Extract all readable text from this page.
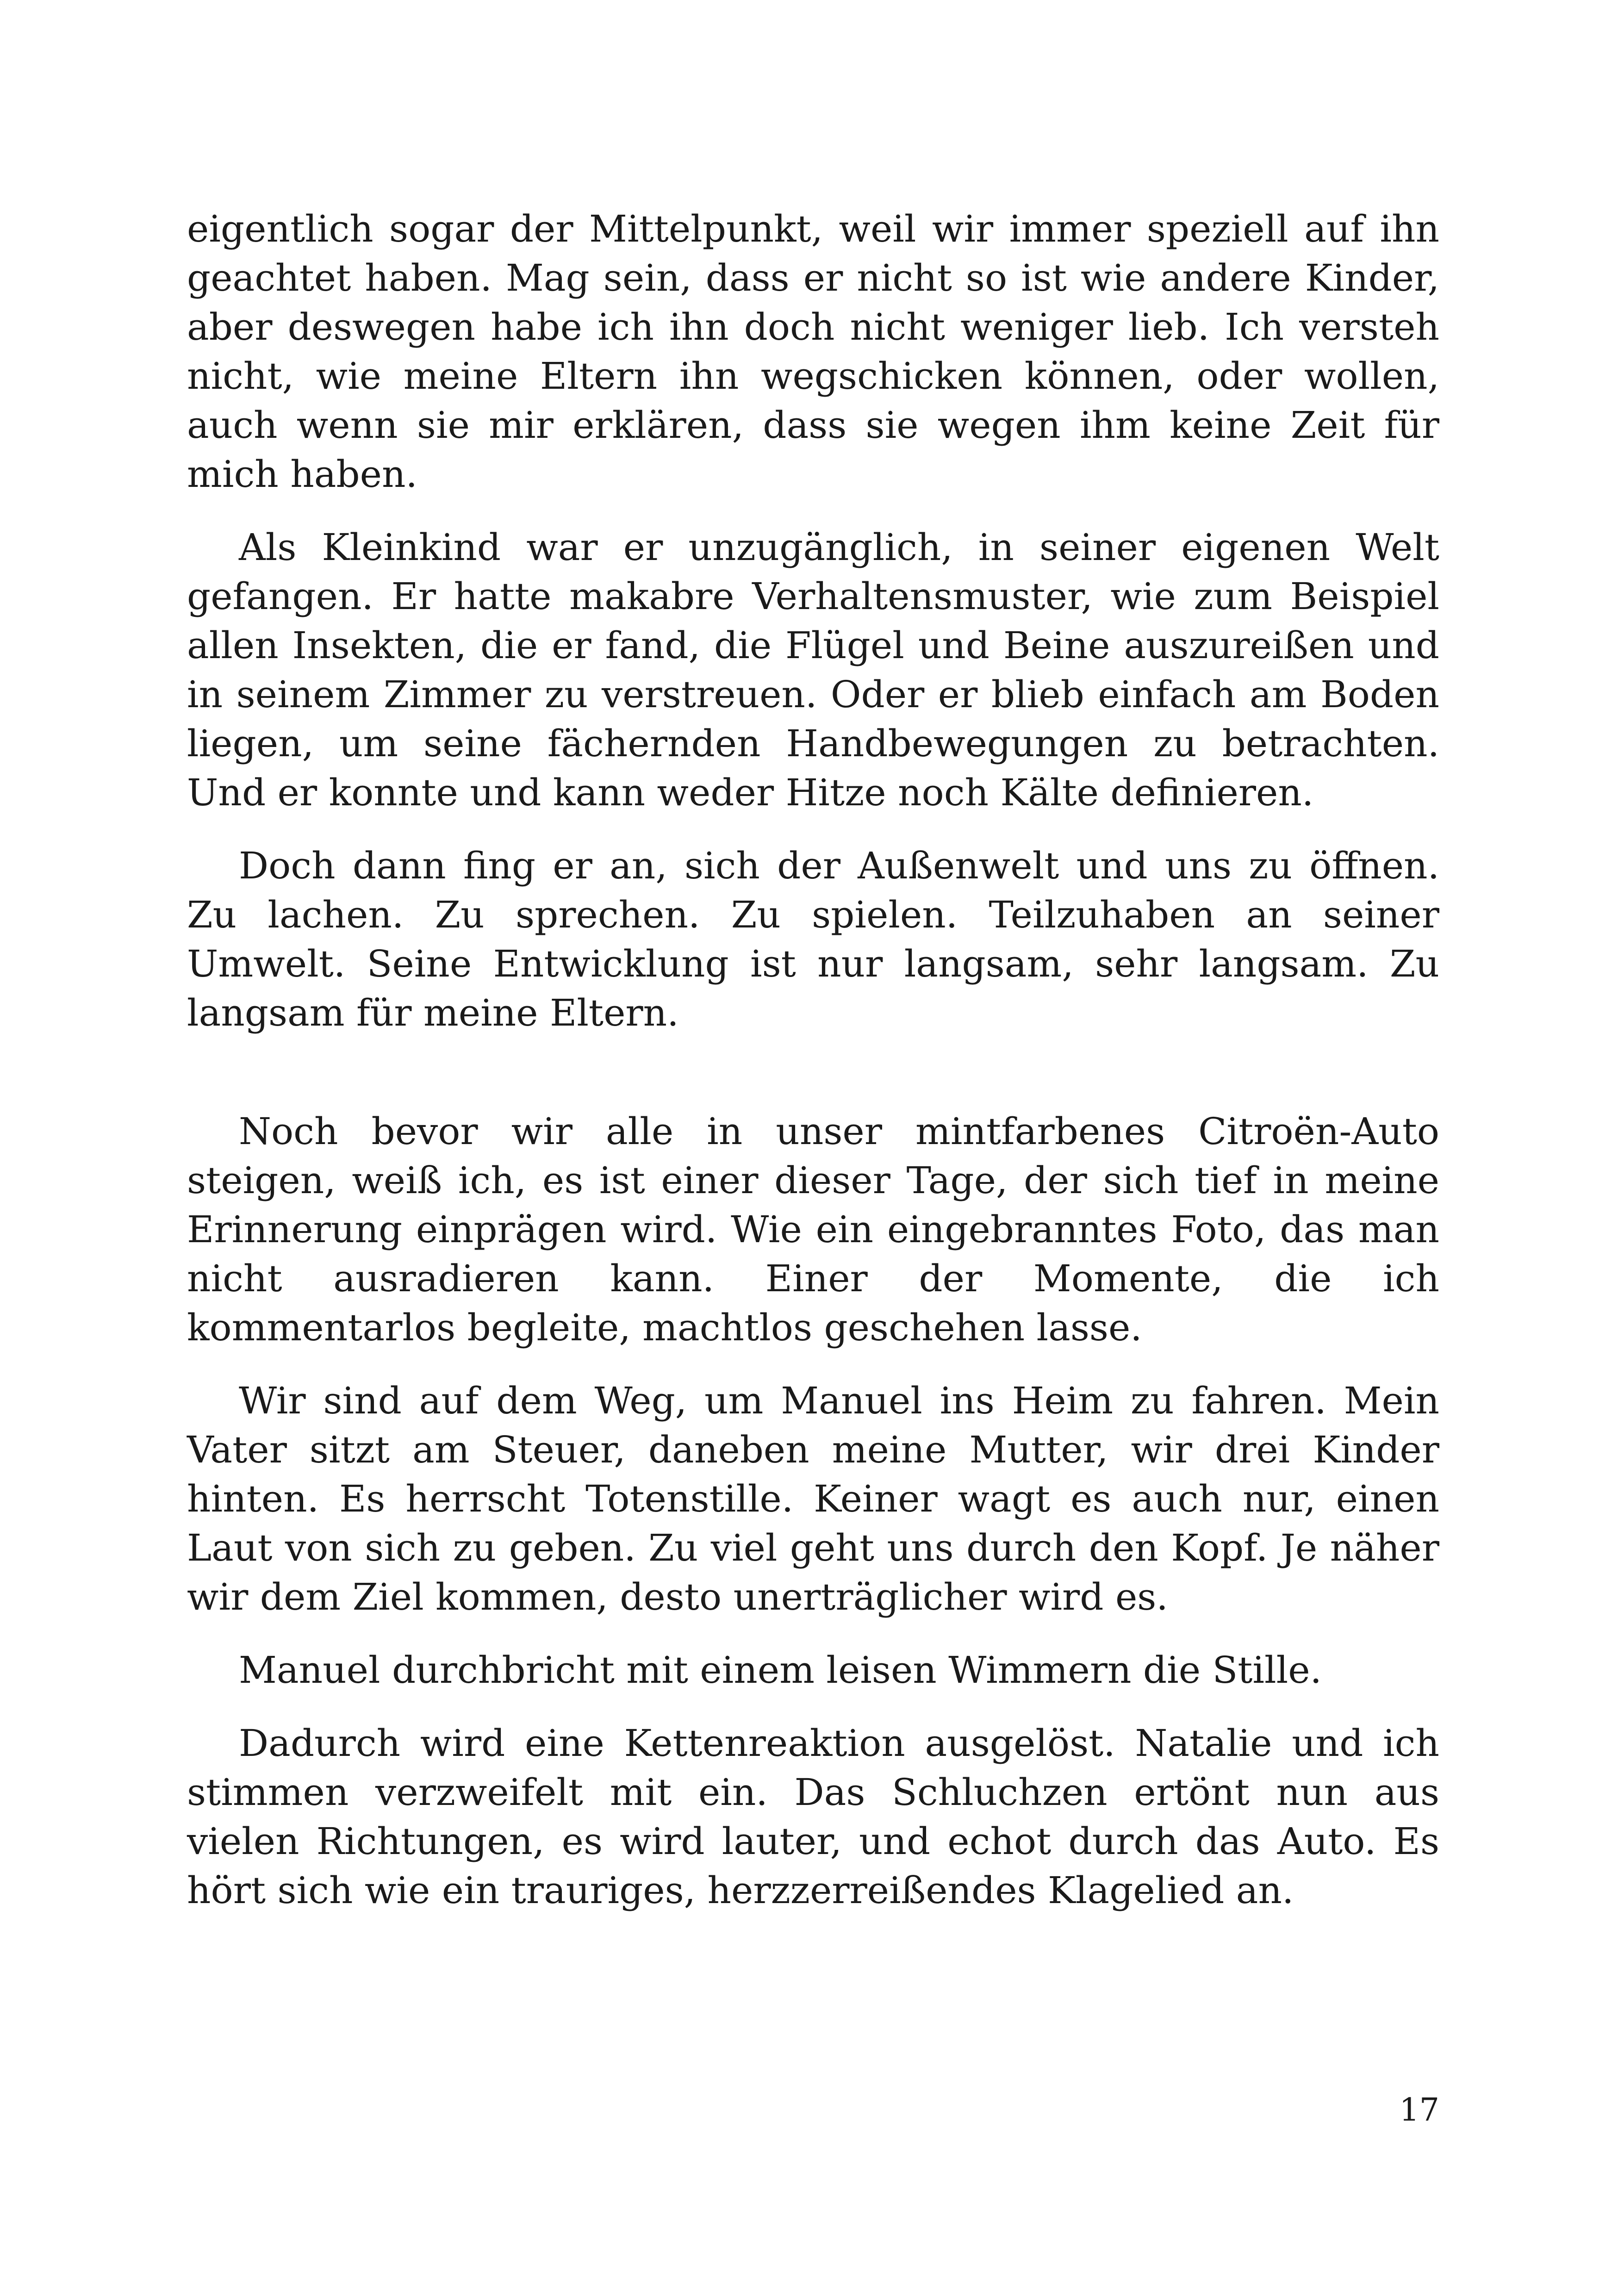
eigentlich sogar der Mittelpunkt, weil wir immer speziell auf ihn geachtet haben. Mag sein, dass er nicht so ist wie andere Kinder, aber deswegen habe ich ihn doch nicht weniger lieb. Ich versteh nicht, wie meine Eltern ihn wegschicken können, oder wollen, auch wenn sie mir erklären, dass sie wegen ihm keine Zeit für mich haben.

Als Kleinkind war er unzugänglich, in seiner eigenen Welt gefangen. Er hatte makabre Verhaltensmuster, wie zum Beispiel allen Insekten, die er fand, die Flügel und Beine auszureißen und in seinem Zimmer zu verstreuen. Oder er blieb einfach am Boden liegen, um seine fächernden Handbewegungen zu betrachten. Und er konnte und kann weder Hitze noch Kälte definieren.

Doch dann fing er an, sich der Außenwelt und uns zu öffnen. Zu lachen. Zu sprechen. Zu spielen. Teilzuhaben an seiner Umwelt. Seine Entwicklung ist nur langsam, sehr langsam. Zu langsam für meine Eltern.

Noch bevor wir alle in unser mintfarbenes Citroën-Auto steigen, weiß ich, es ist einer dieser Tage, der sich tief in meine Erinnerung einprägen wird. Wie ein eingebranntes Foto, das man nicht ausradieren kann. Einer der Momente, die ich kommentarlos begleite, machtlos geschehen lasse.

Wir sind auf dem Weg, um Manuel ins Heim zu fahren. Mein Vater sitzt am Steuer, daneben meine Mutter, wir drei Kinder hinten. Es herrscht Totenstille. Keiner wagt es auch nur, einen Laut von sich zu geben. Zu viel geht uns durch den Kopf. Je näher wir dem Ziel kommen, desto unerträglicher wird es.

Manuel durchbricht mit einem leisen Wimmern die Stille.

Dadurch wird eine Kettenreaktion ausgelöst. Natalie und ich stimmen verzweifelt mit ein. Das Schluchzen ertönt nun aus vielen Richtungen, es wird lauter, und echot durch das Auto. Es hört sich wie ein trauriges, herzzerreißendes Klagelied an.

17
